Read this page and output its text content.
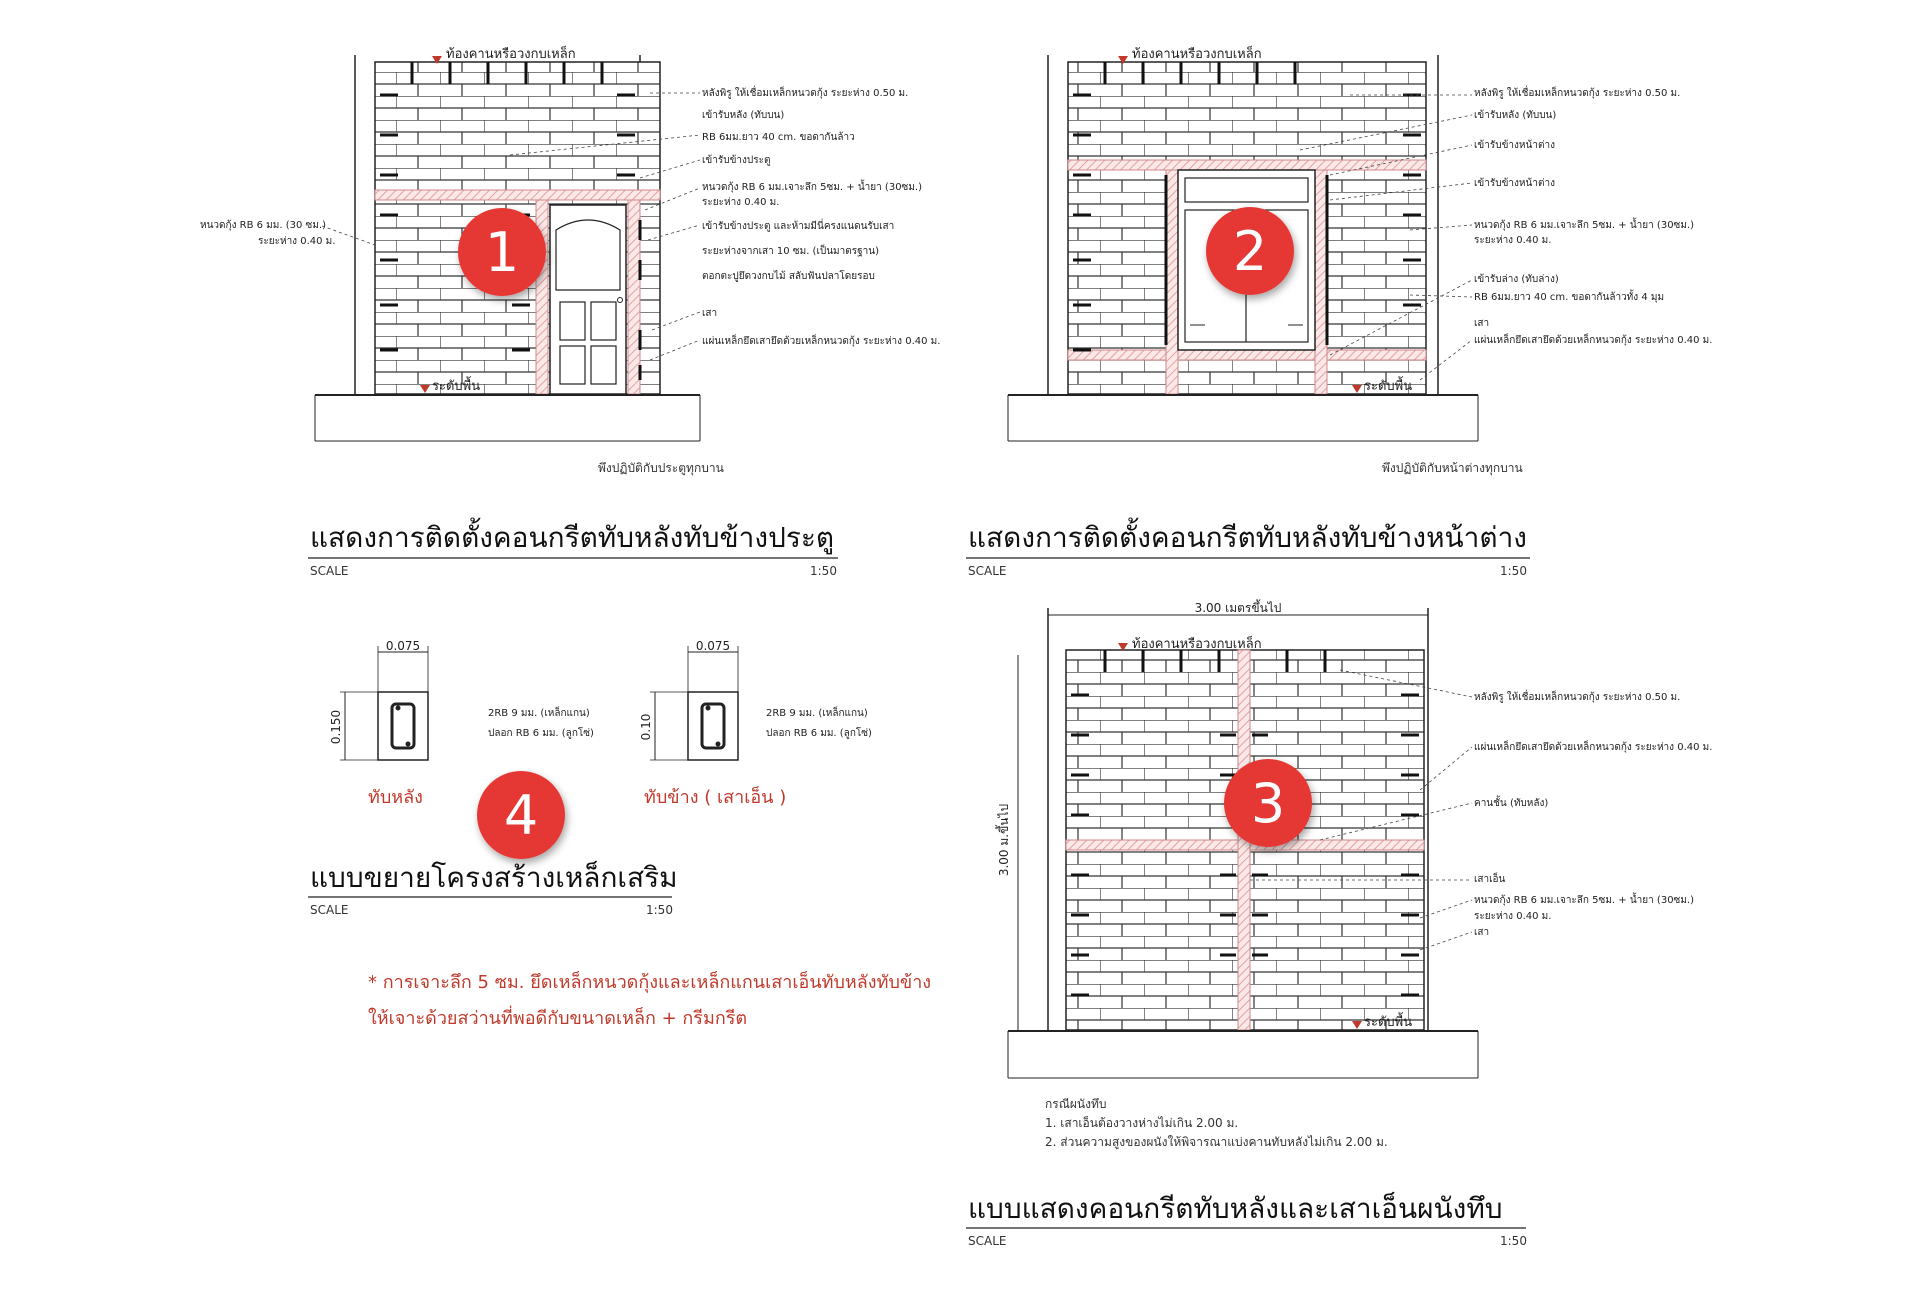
ท้องคานหรือวงกบเหล็ก
ระดับพื้น
หลังพิรู ให้เชื่อมเหล็กหนวดกุ้ง ระยะห่าง 0.50 ม.
เข้ารับหลัง (ทับบน)
RB 6มม.ยาว 40 cm. ขอดากันล้าว
เข้ารับข้างประตู
หนวดกุ้ง RB 6 มม.เจาะลึก 5ซม. + น้ำยา (30ซม.)
ระยะห่าง 0.40 ม.
เข้ารับข้างประตู และห้ามมีนี่ครงแนดนรับเสา
ระยะห่างจากเสา 10 ซม. (เป็นมาตรฐาน)
ตอกตะปูยึดวงกบไม้ สลับฟันปลาโดยรอบ
เสา
แผ่นเหล็กยึดเสายึดด้วยเหล็กหนวดกุ้ง ระยะห่าง 0.40 ม.
หนวดกุ้ง RB 6 มม. (30 ซม.)
ระยะห่าง 0.40 ม.
พึงปฏิบัติกับประตูทุกบาน
แสดงการติดตั้งคอนกรีตทับหลังทับข้างประตู
SCALE	1:50
1
ท้องคานหรือวงกบเหล็ก
ระดับพื้น
หลังพิรู ให้เชื่อมเหล็กหนวดกุ้ง ระยะห่าง 0.50 ม.
เข้ารับหลัง (ทับบน)
เข้ารับข้างหน้าต่าง
เข้ารับข้างหน้าต่าง
หนวดกุ้ง RB 6 มม.เจาะลึก 5ซม. + น้ำยา (30ซม.)
ระยะห่าง 0.40 ม.
เข้ารับล่าง (ทับล่าง)
RB 6มม.ยาว 40 cm. ขอดากันล้าวทั้ง 4 มุม
เสา
แผ่นเหล็กยึดเสายึดด้วยเหล็กหนวดกุ้ง ระยะห่าง 0.40 ม.
พึงปฏิบัติกับหน้าต่างทุกบาน
แสดงการติดตั้งคอนกรีตทับหลังทับข้างหน้าต่าง
SCALE	1:50
2
3.00 เมตรขึ้นไป
3.00 ม.ขึ้นไป
ท้องคานหรือวงกบเหล็ก
ระดับพื้น
หลังพิรู ให้เชื่อมเหล็กหนวดกุ้ง ระยะห่าง 0.50 ม.
แผ่นเหล็กยึดเสายึดด้วยเหล็กหนวดกุ้ง ระยะห่าง 0.40 ม.
คานชั้น (ทับหลัง)
เสาเอ็น
หนวดกุ้ง RB 6 มม.เจาะลึก 5ซม. + น้ำยา (30ซม.)
ระยะห่าง 0.40 ม.
เสา
กรณีผนังทึบ
1. เสาเอ็นต้องวางห่างไม่เกิน 2.00 ม.
2. ส่วนความสูงของผนังให้พิจารณาแบ่งคานทับหลังไม่เกิน 2.00 ม.
แบบแสดงคอนกรีตทับหลังและเสาเอ็นผนังทึบ
SCALE	1:50
3
0.075
0.150	2RB 9 มม. (เหล็กแกน)
ปลอก RB 6 มม. (ลูกโซ่)
ทับหลัง
0.075
0.10
2RB 9 มม. (เหล็กแกน)
ปลอก RB 6 มม. (ลูกโซ่)
ทับข้าง ( เสาเอ็น )
แบบขยายโครงสร้างเหล็กเสริม
SCALE	1:50
4
* การเจาะลึก 5 ซม. ยึดเหล็กหนวดกุ้งและเหล็กแกนเสาเอ็นทับหลังทับข้าง
ให้เจาะด้วยสว่านที่พอดีกับขนาดเหล็ก + กรีมกรีต
